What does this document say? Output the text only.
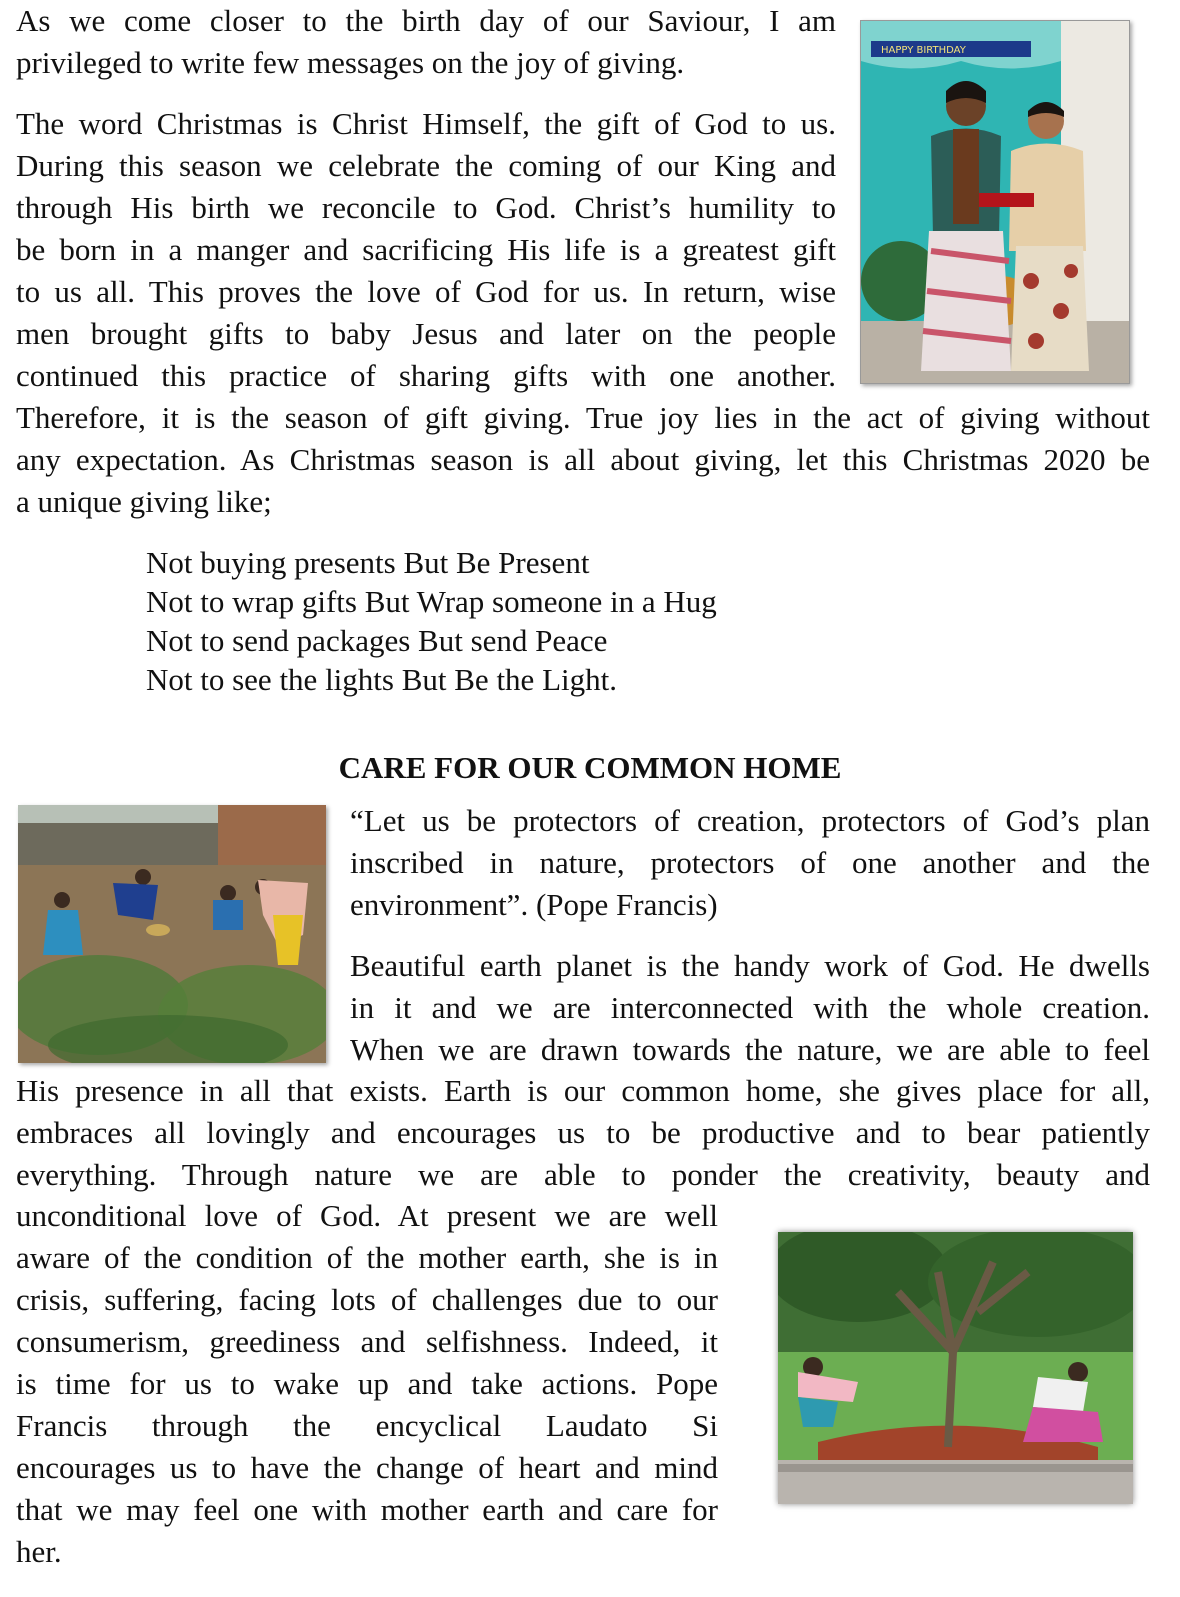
As we come closer to the birth day of our Saviour, I am
privileged to write few messages on the joy of giving.
The word Christmas is Christ Himself, the gift of God to us.
During this season we celebrate the coming of our King and
through His birth we reconcile to God. Christ’s humility to
be born in a manger and sacrificing His life is a greatest gift
to us all. This proves the love of God for us. In return, wise
men brought gifts to baby Jesus and later on the people
continued this practice of sharing gifts with one another.
Therefore, it is the season of gift giving. True joy lies in the act of giving without
any expectation. As Christmas season is all about giving, let this Christmas 2020 be
a unique giving like;
Not buying presents But Be Present
Not to wrap gifts But Wrap someone in a Hug
Not to send packages But send Peace
Not to see the lights But Be the Light.
CARE FOR OUR COMMON HOME
“Let us be protectors of creation, protectors of God’s plan
inscribed in nature, protectors of one another and the
environment”. (Pope Francis)
Beautiful earth planet is the handy work of God. He dwells
in it and we are interconnected with the whole creation.
When we are drawn towards the nature, we are able to feel
His presence in all that exists. Earth is our common home, she gives place for all,
embraces all lovingly and encourages us to be productive and to bear patiently
everything. Through nature we are able to ponder the creativity, beauty and
unconditional love of God. At present we are well
aware of the condition of the mother earth, she is in
crisis, suffering, facing lots of challenges due to our
consumerism, greediness and selfishness. Indeed, it
is time for us to wake up and take actions. Pope
Francis through the encyclical Laudato Si
encourages us to have the change of heart and mind
that we may feel one with mother earth and care for
her.
HAPPY BIRTHDAY
